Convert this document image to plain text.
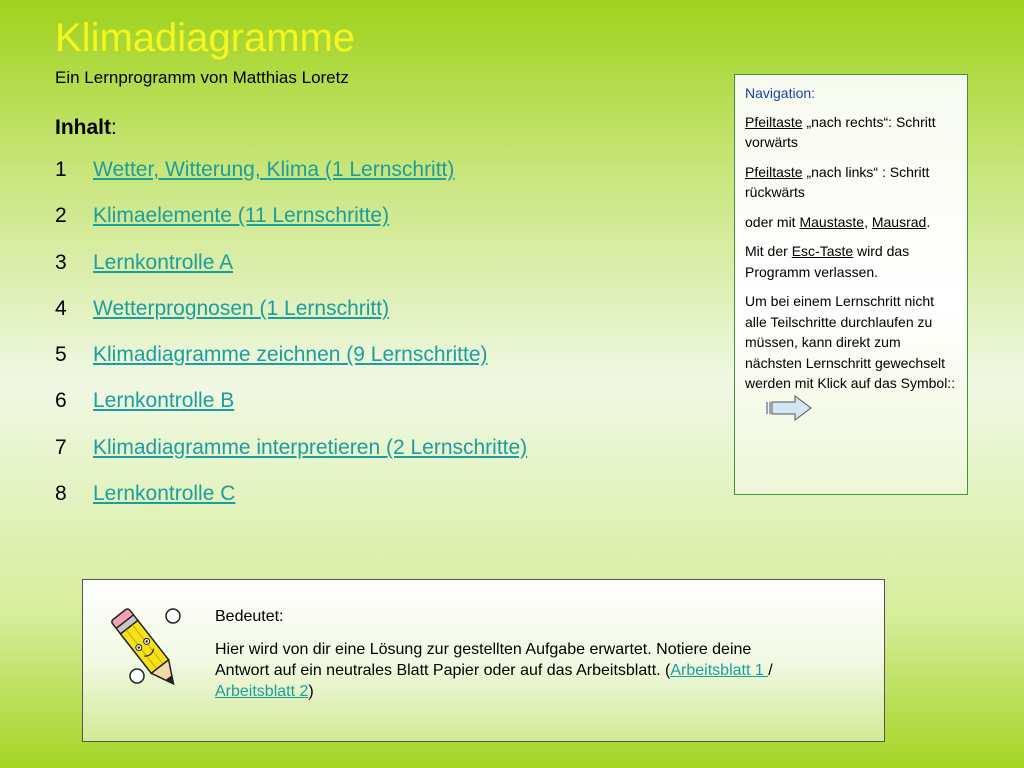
Klimadiagramme
Ein Lernprogramm von Matthias Loretz
Inhalt:
1	Wetter, Witterung, Klima (1 Lernschritt)
2	Klimaelemente (11 Lernschritte)
3	Lernkontrolle A
4	Wetterprognosen (1 Lernschritt)
5	Klimadiagramme zeichnen (9 Lernschritte)
6	Lernkontrolle B
7	Klimadiagramme interpretieren (2 Lernschritte)
8	Lernkontrolle C

Navigation:

Pfeiltaste „nach rechts“: Schritt vorwärts

Pfeiltaste „nach links“ : Schritt rückwärts

oder mit Maustaste, Mausrad.

Mit der Esc-Taste wird das Programm verlassen.

Um bei einem Lernschritt nicht alle Teilschritte durchlaufen zu müssen, kann direkt zum nächsten Lernschritt gewechselt werden mit Klick auf das Symbol::

Bedeutet:

Hier wird von dir eine Lösung zur gestellten Aufgabe erwartet. Notiere deine Antwort auf ein neutrales Blatt Papier oder auf das Arbeitsblatt. (Arbeitsblatt 1 / Arbeitsblatt 2)
